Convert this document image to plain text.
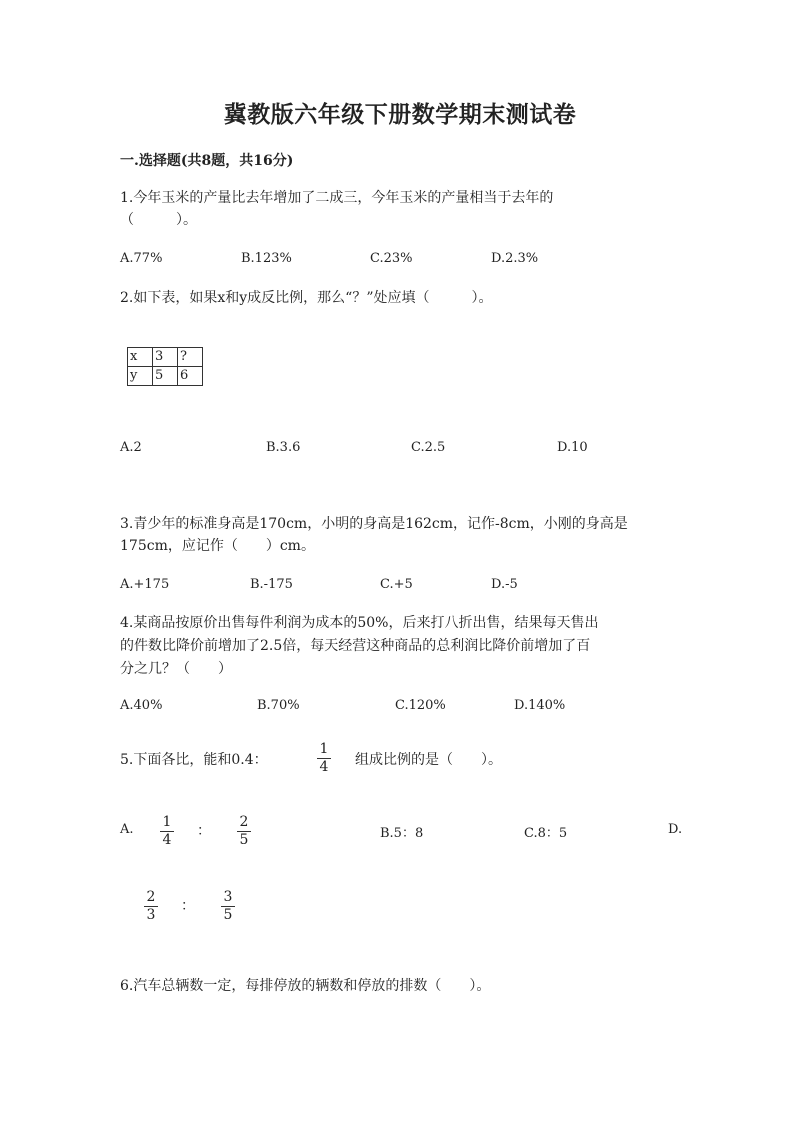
冀教版六年级下册数学期末测试卷
一.选择题(共8题，共16分)
1.今年玉米的产量比去年增加了二成三，今年玉米的产量相当于去年的
（　　　）。
A.77%	B.123%	C.23%	D.2.3%
2.如下表，如果x和y成反比例，那么“？”处应填（　　　）。
x	3	?
y	5	6
A.2	B.3.6	C.2.5	D.10
3.青少年的标准身高是170cm，小明的身高是162cm，记作-8cm，小刚的身高是
175cm，应记作（　　）cm。
A.+175	B.-175	C.+5	D.-5
4.某商品按原价出售每件利润为成本的50%，后来打八折出售，结果每天售出
的件数比降价前增加了2.5倍，每天经营这种商品的总利润比降价前增加了百
分之几？（　　）
A.40%	B.70%	C.120%	D.140%
5.下面各比，能和0.4：
1
4 组成比例的是（　　）。
A. 1
4
：
2
5	B.5：8	C.8：5	D.
2
3
：
3
5
6.汽车总辆数一定，每排停放的辆数和停放的排数（　　）。
